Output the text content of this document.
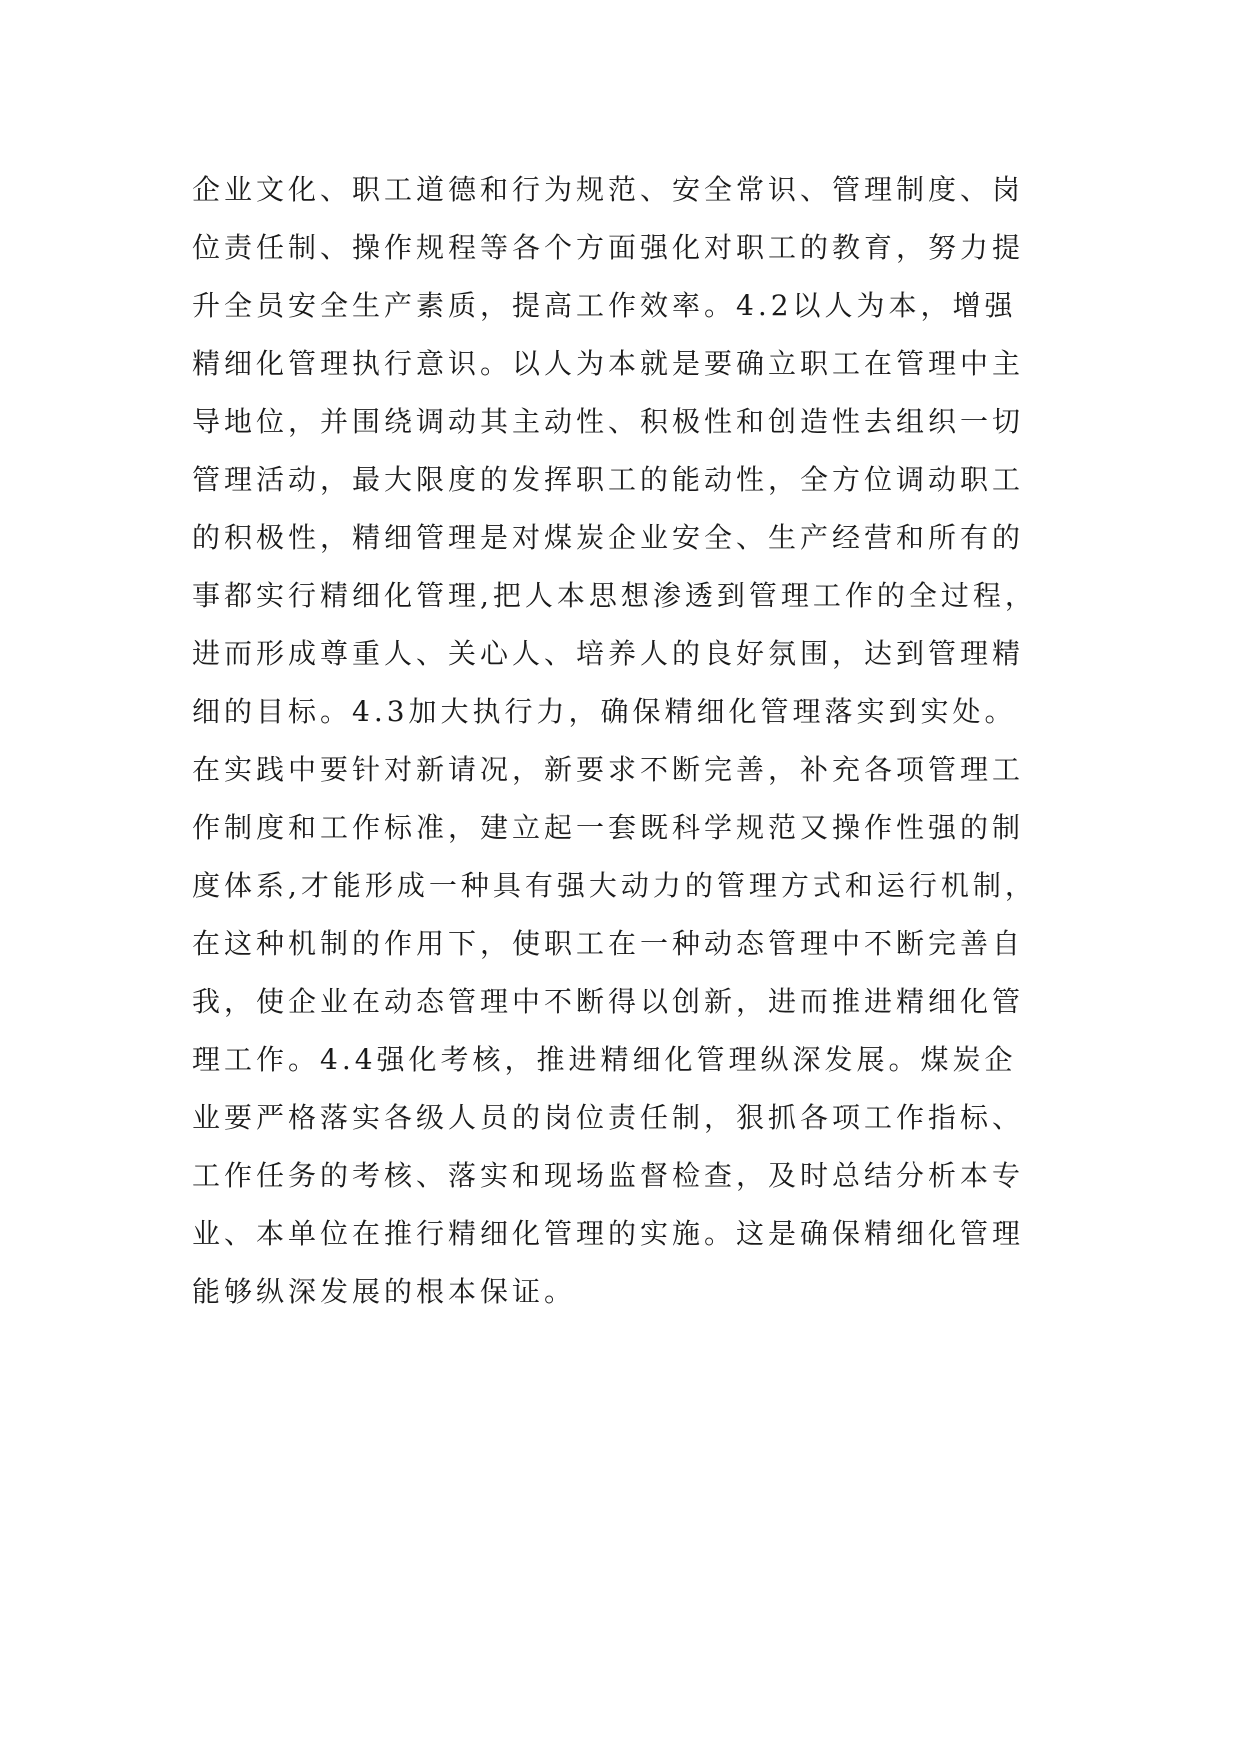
企业文化、职工道德和行为规范、安全常识、管理制度、岗
位责任制、操作规程等各个方面强化对职工的教育，努力提
升全员安全生产素质，提高工作效率。4.2以人为本，增强
精细化管理执行意识。以人为本就是要确立职工在管理中主
导地位，并围绕调动其主动性、积极性和创造性去组织一切
管理活动，最大限度的发挥职工的能动性，全方位调动职工
的积极性，精细管理是对煤炭企业安全、生产经营和所有的
事都实行精细化管理,把人本思想渗透到管理工作的全过程，
进而形成尊重人、关心人、培养人的良好氛围，达到管理精
细的目标。4.3加大执行力，确保精细化管理落实到实处。
在实践中要针对新请况，新要求不断完善，补充各项管理工
作制度和工作标准，建立起一套既科学规范又操作性强的制
度体系,才能形成一种具有强大动力的管理方式和运行机制，
在这种机制的作用下，使职工在一种动态管理中不断完善自
我，使企业在动态管理中不断得以创新，进而推进精细化管
理工作。4.4强化考核，推进精细化管理纵深发展。煤炭企
业要严格落实各级人员的岗位责任制，狠抓各项工作指标、
工作任务的考核、落实和现场监督检查，及时总结分析本专
业、本单位在推行精细化管理的实施。这是确保精细化管理
能够纵深发展的根本保证。
